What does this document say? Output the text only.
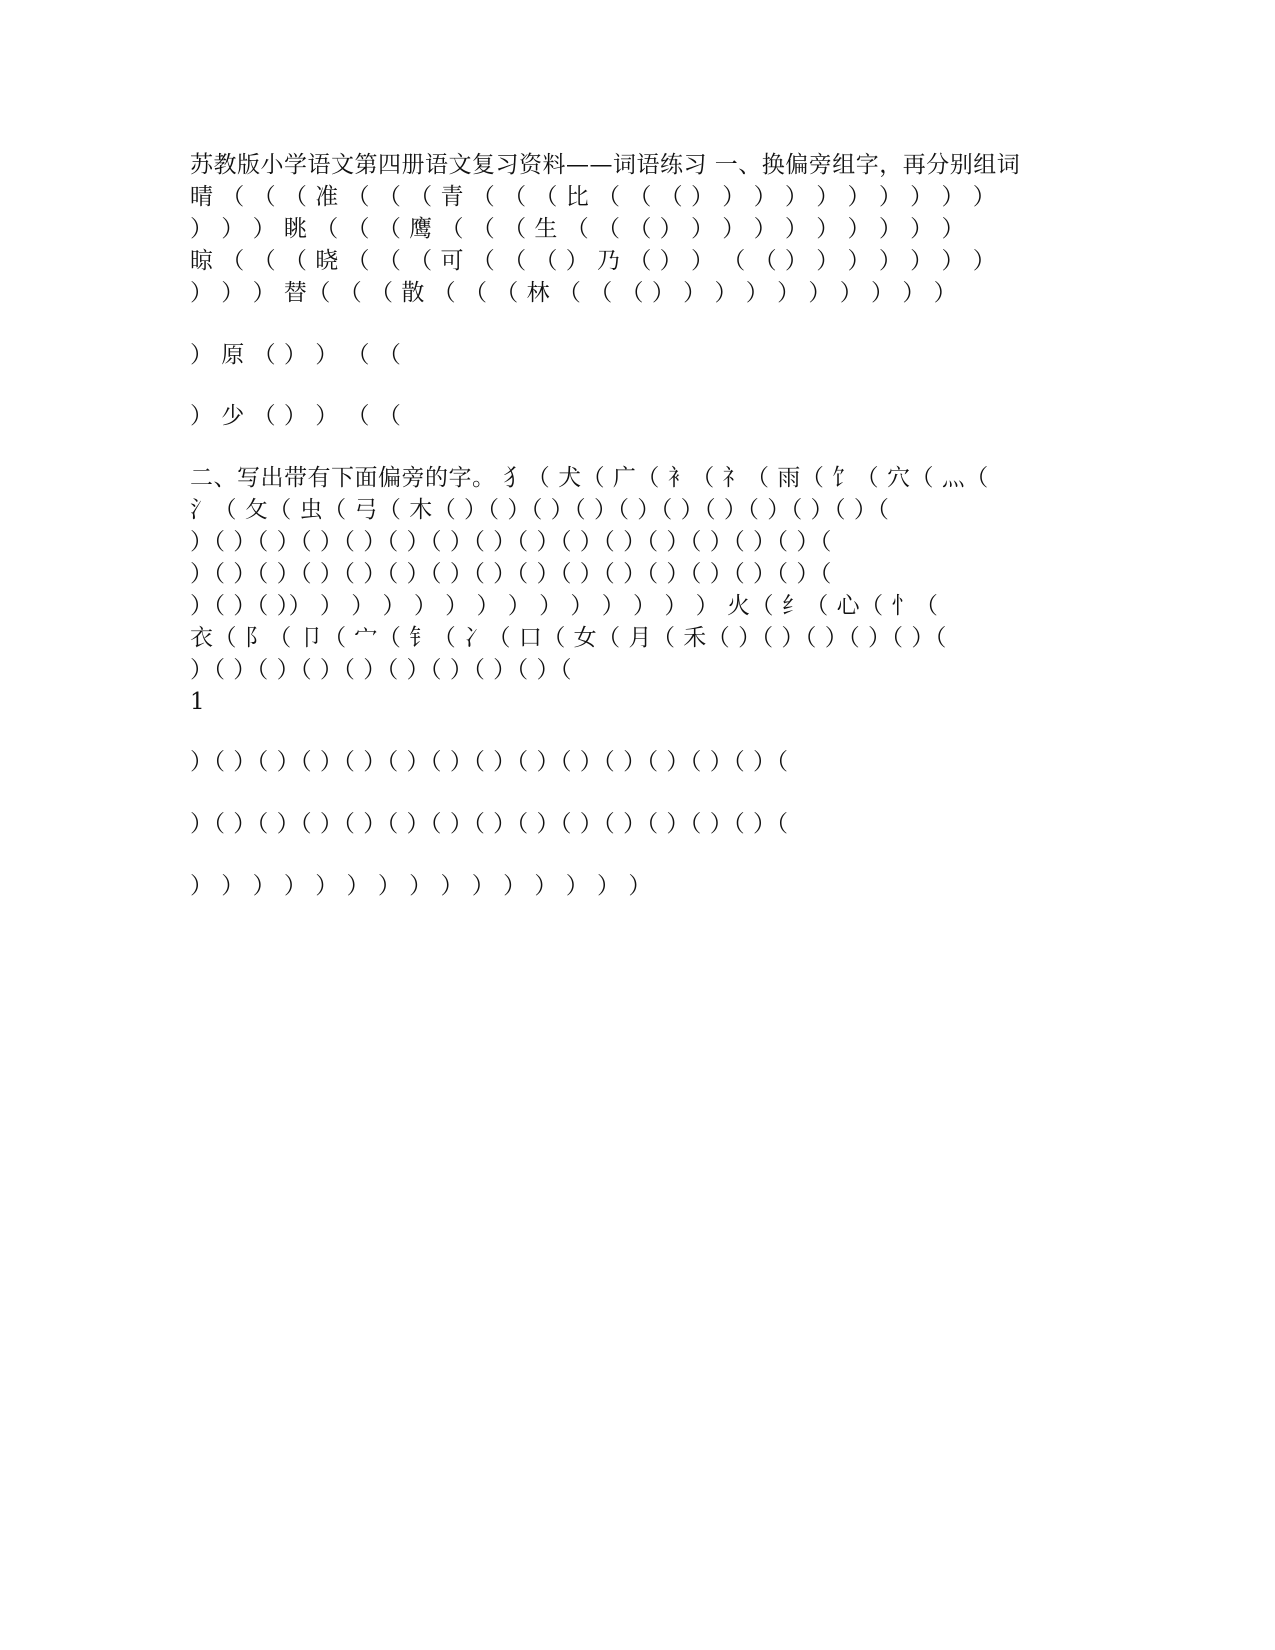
苏教版小学语文第四册语文复习资料——词语练习 一、换偏旁组字，再分别组词
晴 （ （ （ 准 （ （ （ 青 （ （ （ 比 （ （ （ ） ） ） ） ） ） ） ） ） ）
） ） ） 眺 （ （ （ 鹰 （ （ （ 生 （ （ （ ） ） ） ） ） ） ） ） ） ）
晾 （ （ （ 晓 （ （ （ 可 （ （ （ ） 乃 （ ） ） （ （ ） ） ） ） ） ） ）
） ） ） 替（ （ （ 散 （ （ （ 林 （ （ （ ） ） ） ） ） ） ） ） ） ）
） 原 （ ） ） （ （
） 少 （ ） ） （ （
二、写出带有下面偏旁的字。 犭（ 犬（ 广（ 衤（ 礻（ 雨（ 饣（ 穴（ 灬（
氵（ 攵（ 虫（ 弓（ 木（ ）（ ）（ ）（ ）（ ）（ ）（ ）（ ）（ ）（ ）（
）（ ）（ ）（ ）（ ）（ ）（ ）（ ）（ ）（ ）（ ）（ ）（ ）（ ）（ ）（
）（ ）（ ）（ ）（ ）（ ）（ ）（ ）（ ）（ ）（ ）（ ）（ ）（ ）（ ）（
）（ ）（ ）） ） ） ） ） ） ） ） ） ） ） ） ） ） 火（ 纟（ 心（ 忄（
衣（ 阝（ 卩（ 宀（ 钅（ 冫（ 口（ 女（ 月（ 禾（ ）（ ）（ ）（ ）（ ）（
）（ ）（ ）（ ）（ ）（ ）（ ）（ ）（ ）（
1
）（ ）（ ）（ ）（ ）（ ）（ ）（ ）（ ）（ ）（ ）（ ）（ ）（ ）（
）（ ）（ ）（ ）（ ）（ ）（ ）（ ）（ ）（ ）（ ）（ ）（ ）（ ）（
） ） ） ） ） ） ） ） ） ） ） ） ） ） ）
